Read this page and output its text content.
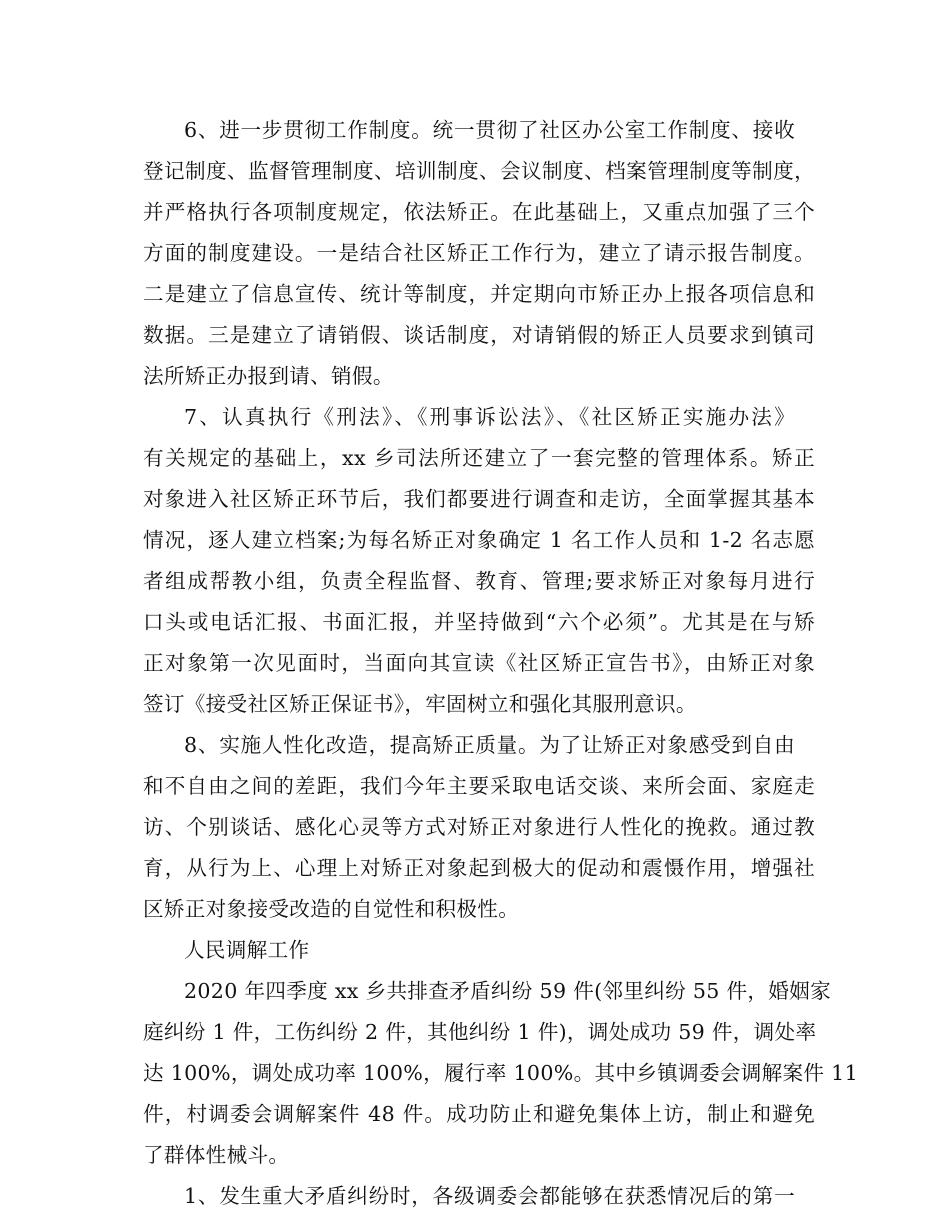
6、进一步贯彻工作制度。统一贯彻了社区办公室工作制度、接收
登记制度、监督管理制度、培训制度、会议制度、档案管理制度等制度，
并严格执行各项制度规定，依法矫正。在此基础上，又重点加强了三个
方面的制度建设。一是结合社区矫正工作行为，建立了请示报告制度。
二是建立了信息宣传、统计等制度，并定期向市矫正办上报各项信息和
数据。三是建立了请销假、谈话制度，对请销假的矫正人员要求到镇司
法所矫正办报到请、销假。
7、认真执行《刑法》、《刑事诉讼法》、《社区矫正实施办法》
有关规定的基础上，xx 乡司法所还建立了一套完整的管理体系。矫正
对象进入社区矫正环节后，我们都要进行调查和走访，全面掌握其基本
情况，逐人建立档案;为每名矫正对象确定 1 名工作人员和 1-2 名志愿
者组成帮教小组，负责全程监督、教育、管理;要求矫正对象每月进行
口头或电话汇报、书面汇报，并坚持做到“六个必须”。尤其是在与矫
正对象第一次见面时，当面向其宣读《社区矫正宣告书》，由矫正对象
签订《接受社区矫正保证书》，牢固树立和强化其服刑意识。
8、实施人性化改造，提高矫正质量。为了让矫正对象感受到自由
和不自由之间的差距，我们今年主要采取电话交谈、来所会面、家庭走
访、个别谈话、感化心灵等方式对矫正对象进行人性化的挽救。通过教
育，从行为上、心理上对矫正对象起到极大的促动和震慑作用，增强社
区矫正对象接受改造的自觉性和积极性。
人民调解工作
2020 年四季度 xx 乡共排查矛盾纠纷 59 件(邻里纠纷 55 件，婚姻家
庭纠纷 1 件，工伤纠纷 2 件，其他纠纷 1 件)，调处成功 59 件，调处率
达 100%，调处成功率 100%，履行率 100%。其中乡镇调委会调解案件 11
件，村调委会调解案件 48 件。成功防止和避免集体上访，制止和避免
了群体性械斗。
1、发生重大矛盾纠纷时，各级调委会都能够在获悉情况后的第一
